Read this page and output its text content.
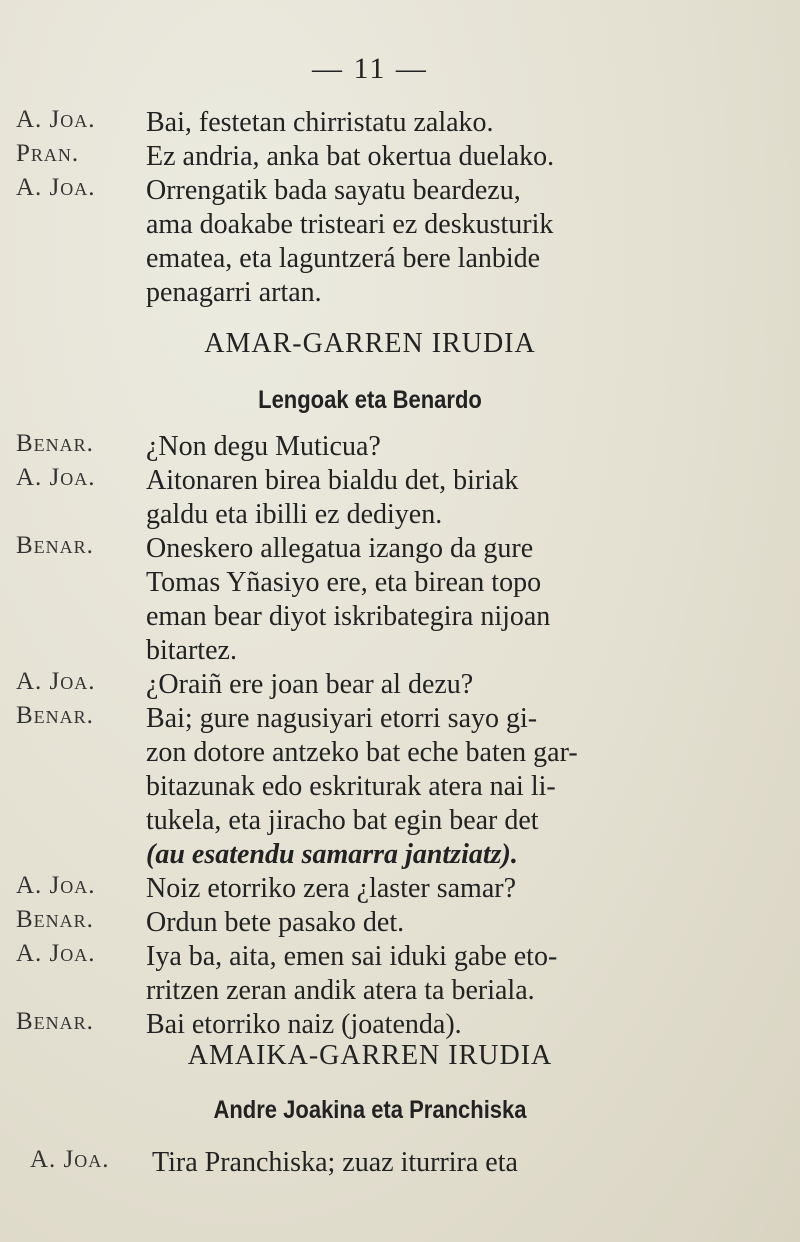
— 11 —
A. Joa. Bai, festetan chirristatu zalako.
Pran. Ez andria, anka bat okertua duelako.
A. Joa. Orrengatik bada sayatu beardezu,
ama doakabe tristeari ez deskusturik
ematea, eta laguntzerá bere lanbide
penagarri artan.
AMAR-GARREN IRUDIA
Lengoak eta Benardo
Benar. ¿Non degu Muticua?
A. Joa. Aitonaren birea bialdu det, biriak
galdu eta ibilli ez dediyen.
Benar. Oneskero allegatua izango da gure
Tomas Yñasiyo ere, eta birean topo
eman bear diyot iskribategira nijoan
bitartez.
A. Joa. ¿Oraiñ ere joan bear al dezu?
Benar. Bai; gure nagusiyari etorri sayo gi-
zon dotore antzeko bat eche baten gar-
bitazunak edo eskriturak atera nai li-
tukela, eta jiracho bat egin bear det
(au esatendu samarra jantziatz).
A. Joa. Noiz etorriko zera ¿laster samar?
Benar. Ordun bete pasako det.
A. Joa. Iya ba, aita, emen sai iduki gabe eto-
rritzen zeran andik atera ta beriala.
Benar. Bai etorriko naiz (joatenda).
AMAIKA-GARREN IRUDIA
Andre Joakina eta Pranchiska
A. Joa. Tira Pranchiska; zuaz iturrira eta
